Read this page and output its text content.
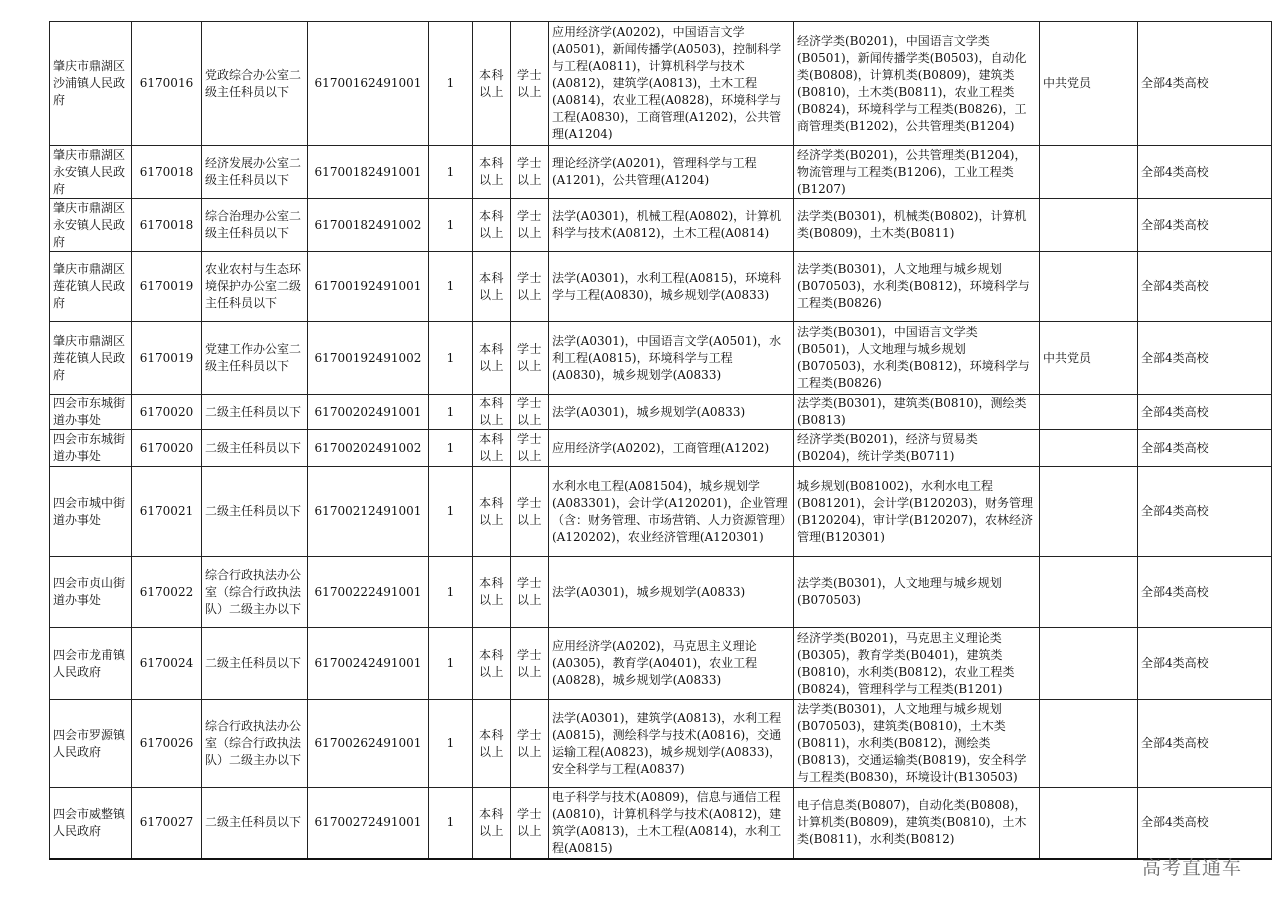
肇庆市鼎湖区沙浦镇人民政府	6170016	党政综合办公室二级主任科员以下	61700162491001	1	本科以上	学士以上	应用经济学(A0202)，中国语言文学(A0501)，新闻传播学(A0503)，控制科学与工程(A0811)，计算机科学与技术(A0812)，建筑学(A0813)，土木工程(A0814)，农业工程(A0828)，环境科学与工程(A0830)，工商管理(A1202)，公共管理(A1204)	经济学类(B0201)，中国语言文学类(B0501)，新闻传播学类(B0503)，自动化类(B0808)，计算机类(B0809)，建筑类(B0810)，土木类(B0811)，农业工程类(B0824)，环境科学与工程类(B0826)，工商管理类(B1202)，公共管理类(B1204)	中共党员	全部4类高校
肇庆市鼎湖区永安镇人民政府	6170018	经济发展办公室二级主任科员以下	61700182491001	1	本科以上	学士以上	理论经济学(A0201)，管理科学与工程(A1201)，公共管理(A1204)	经济学类(B0201)，公共管理类(B1204)，物流管理与工程类(B1206)，工业工程类(B1207)		全部4类高校
肇庆市鼎湖区永安镇人民政府	6170018	综合治理办公室二级主任科员以下	61700182491002	1	本科以上	学士以上	法学(A0301)，机械工程(A0802)，计算机科学与技术(A0812)，土木工程(A0814)	法学类(B0301)，机械类(B0802)，计算机类(B0809)，土木类(B0811)		全部4类高校
肇庆市鼎湖区莲花镇人民政府	6170019	农业农村与生态环境保护办公室二级主任科员以下	61700192491001	1	本科以上	学士以上	法学(A0301)，水利工程(A0815)，环境科学与工程(A0830)，城乡规划学(A0833)	法学类(B0301)，人文地理与城乡规划(B070503)，水利类(B0812)，环境科学与工程类(B0826)		全部4类高校
肇庆市鼎湖区莲花镇人民政府	6170019	党建工作办公室二级主任科员以下	61700192491002	1	本科以上	学士以上	法学(A0301)，中国语言文学(A0501)，水利工程(A0815)，环境科学与工程(A0830)，城乡规划学(A0833)	法学类(B0301)，中国语言文学类(B0501)，人文地理与城乡规划(B070503)，水利类(B0812)，环境科学与工程类(B0826)	中共党员	全部4类高校
四会市东城街道办事处	6170020	二级主任科员以下	61700202491001	1	本科以上	学士以上	法学(A0301)，城乡规划学(A0833)	法学类(B0301)，建筑类(B0810)，测绘类(B0813)		全部4类高校
四会市东城街道办事处	6170020	二级主任科员以下	61700202491002	1	本科以上	学士以上	应用经济学(A0202)，工商管理(A1202)	经济学类(B0201)，经济与贸易类(B0204)，统计学类(B0711)		全部4类高校
四会市城中街道办事处	6170021	二级主任科员以下	61700212491001	1	本科以上	学士以上	水利水电工程(A081504)，城乡规划学(A083301)，会计学(A120201)，企业管理（含：财务管理、市场营销、人力资源管理）(A120202)，农业经济管理(A120301)	城乡规划(B081002)，水利水电工程(B081201)，会计学(B120203)，财务管理(B120204)，审计学(B120207)，农林经济管理(B120301)		全部4类高校
四会市贞山街道办事处	6170022	综合行政执法办公室（综合行政执法队）二级主办以下	61700222491001	1	本科以上	学士以上	法学(A0301)，城乡规划学(A0833)	法学类(B0301)，人文地理与城乡规划(B070503)		全部4类高校
四会市龙甫镇人民政府	6170024	二级主任科员以下	61700242491001	1	本科以上	学士以上	应用经济学(A0202)，马克思主义理论(A0305)，教育学(A0401)，农业工程(A0828)，城乡规划学(A0833)	经济学类(B0201)，马克思主义理论类(B0305)，教育学类(B0401)，建筑类(B0810)，水利类(B0812)，农业工程类(B0824)，管理科学与工程类(B1201)		全部4类高校
四会市罗源镇人民政府	6170026	综合行政执法办公室（综合行政执法队）二级主办以下	61700262491001	1	本科以上	学士以上	法学(A0301)，建筑学(A0813)，水利工程(A0815)，测绘科学与技术(A0816)，交通运输工程(A0823)，城乡规划学(A0833)，安全科学与工程(A0837)	法学类(B0301)，人文地理与城乡规划(B070503)，建筑类(B0810)，土木类(B0811)，水利类(B0812)，测绘类(B0813)，交通运输类(B0819)，安全科学与工程类(B0830)，环境设计(B130503)		全部4类高校
四会市威整镇人民政府	6170027	二级主任科员以下	61700272491001	1	本科以上	学士以上	电子科学与技术(A0809)，信息与通信工程(A0810)，计算机科学与技术(A0812)，建筑学(A0813)，土木工程(A0814)，水利工程(A0815)	电子信息类(B0807)，自动化类(B0808)，计算机类(B0809)，建筑类(B0810)，土木类(B0811)，水利类(B0812)		全部4类高校
高考直通车
